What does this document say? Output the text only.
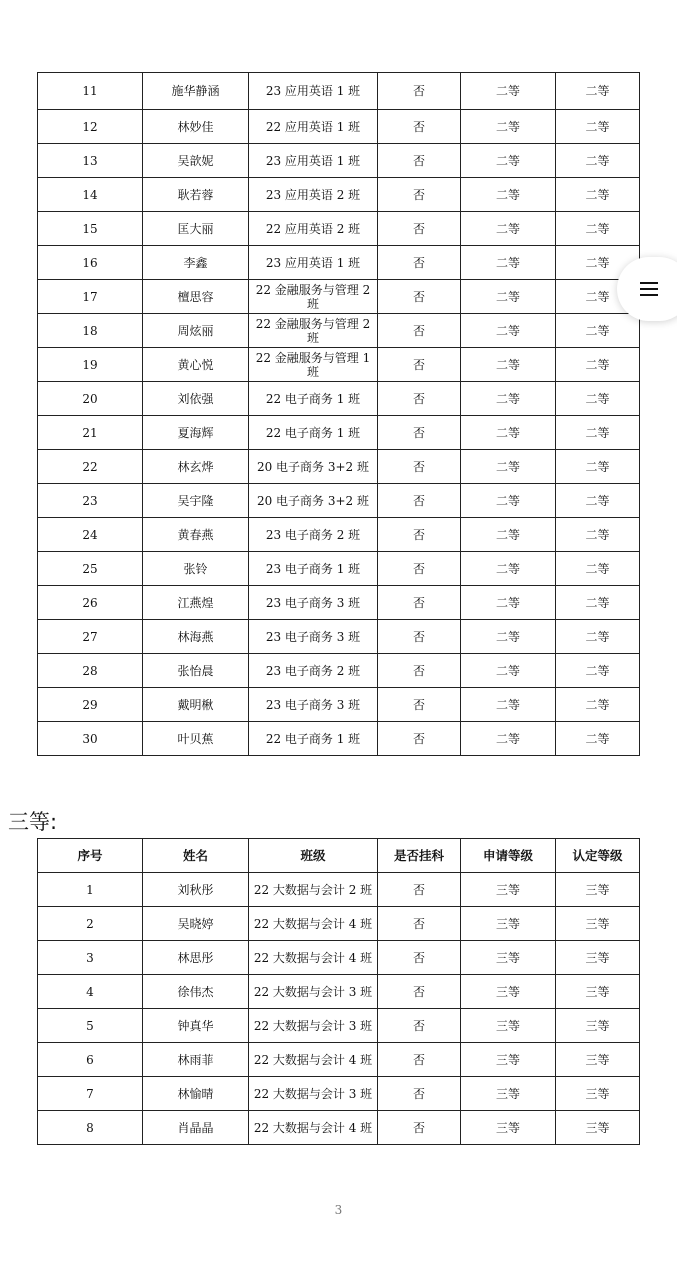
11	施华静涵	23 应用英语 1 班	否	二等	二等
12	林妙佳	22 应用英语 1 班	否	二等	二等
13	吴歆妮	23 应用英语 1 班	否	二等	二等
14	耿若蓉	23 应用英语 2 班	否	二等	二等
15	匡大丽	22 应用英语 2 班	否	二等	二等
16	李鑫	23 应用英语 1 班	否	二等	二等
17	檀思容	22 金融服务与管理 2 班	否	二等	二等
18	周炫丽	22 金融服务与管理 2 班	否	二等	二等
19	黄心悦	22 金融服务与管理 1 班	否	二等	二等
20	刘依强	22 电子商务 1 班	否	二等	二等
21	夏海辉	22 电子商务 1 班	否	二等	二等
22	林玄烨	20 电子商务 3+2 班	否	二等	二等
23	吴宇隆	20 电子商务 3+2 班	否	二等	二等
24	黄春燕	23 电子商务 2 班	否	二等	二等
25	张铃	23 电子商务 1 班	否	二等	二等
26	江燕煌	23 电子商务 3 班	否	二等	二等
27	林海燕	23 电子商务 3 班	否	二等	二等
28	张怡晨	23 电子商务 2 班	否	二等	二等
29	戴明楸	23 电子商务 3 班	否	二等	二等
30	叶贝蕉	22 电子商务 1 班	否	二等	二等
三等:
序号	姓名	班级	是否挂科	申请等级	认定等级
1	刘秋彤	22 大数据与会计 2 班	否	三等	三等
2	吴晓婷	22 大数据与会计 4 班	否	三等	三等
3	林思彤	22 大数据与会计 4 班	否	三等	三等
4	徐伟杰	22 大数据与会计 3 班	否	三等	三等
5	钟真华	22 大数据与会计 3 班	否	三等	三等
6	林雨菲	22 大数据与会计 4 班	否	三等	三等
7	林愉晴	22 大数据与会计 3 班	否	三等	三等
8	肖晶晶	22 大数据与会计 4 班	否	三等	三等
3
